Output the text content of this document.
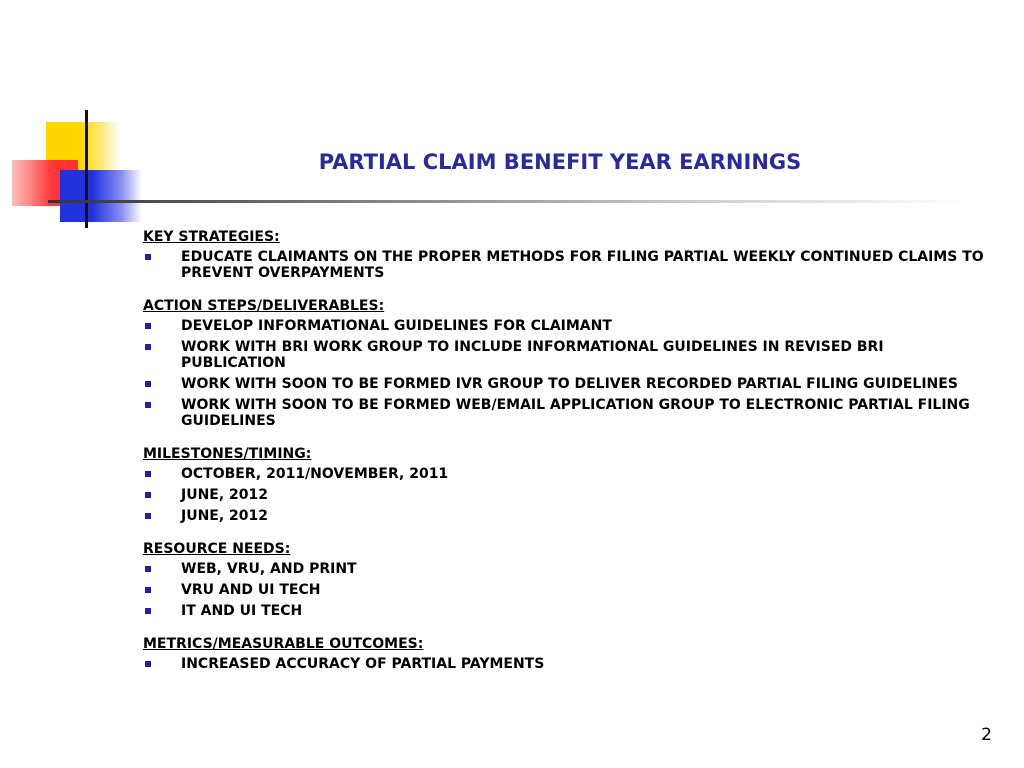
PARTIAL CLAIM BENEFIT YEAR EARNINGS
KEY STRATEGIES:
EDUCATE CLAIMANTS ON THE PROPER METHODS FOR FILING PARTIAL WEEKLY CONTINUED CLAIMS TO PREVENT OVERPAYMENTS
ACTION STEPS/DELIVERABLES:
DEVELOP INFORMATIONAL GUIDELINES FOR CLAIMANT
WORK WITH BRI WORK GROUP TO INCLUDE INFORMATIONAL GUIDELINES IN REVISED BRI PUBLICATION
WORK WITH SOON TO BE FORMED IVR GROUP TO DELIVER RECORDED PARTIAL FILING GUIDELINES
WORK WITH SOON TO BE FORMED WEB/EMAIL APPLICATION GROUP TO ELECTRONIC PARTIAL FILING GUIDELINES
MILESTONES/TIMING:
OCTOBER, 2011/NOVEMBER, 2011
JUNE, 2012
JUNE, 2012
RESOURCE NEEDS:
WEB, VRU, AND PRINT
VRU AND UI TECH
IT AND UI TECH
METRICS/MEASURABLE OUTCOMES:
INCREASED ACCURACY OF PARTIAL PAYMENTS
2
